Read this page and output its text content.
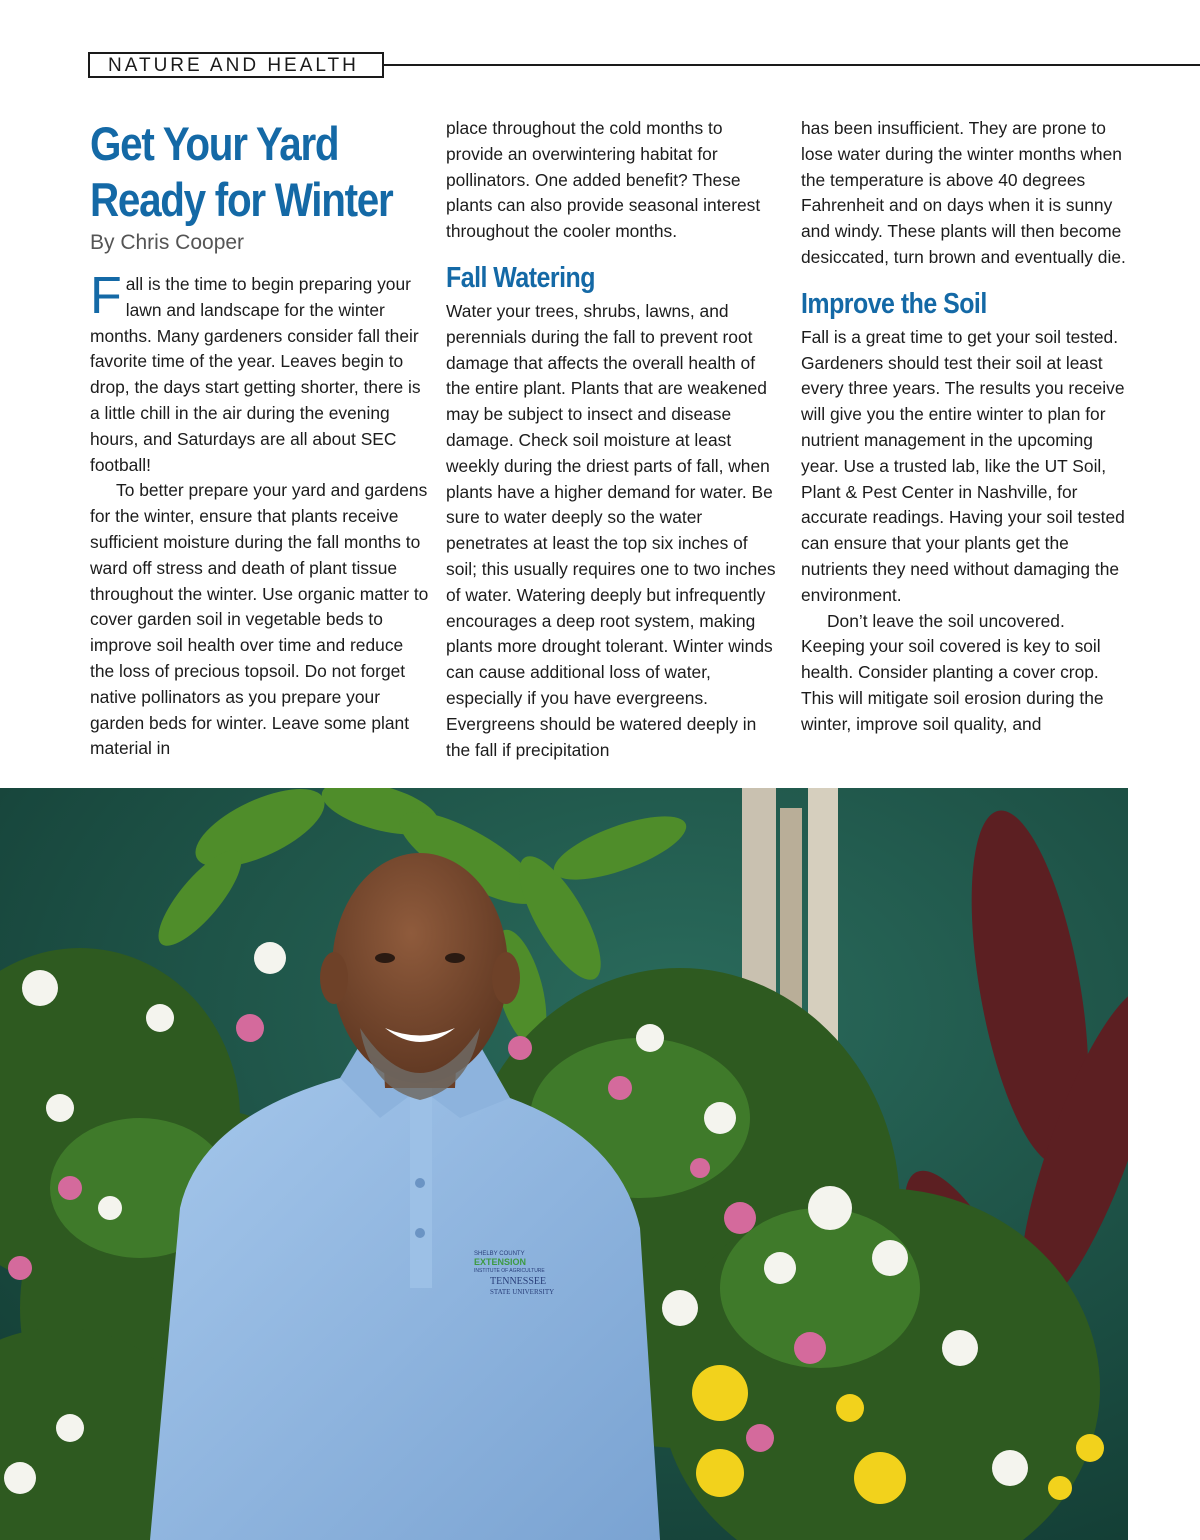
NATURE AND HEALTH
Get Your Yard Ready for Winter
By Chris Cooper

Fall is the time to begin preparing your lawn and landscape for the winter months. Many gardeners consider fall their favorite time of the year. Leaves begin to drop, the days start getting shorter, there is a little chill in the air during the evening hours, and Saturdays are all about SEC football!

To better prepare your yard and gardens for the winter, ensure that plants receive sufficient moisture during the fall months to ward off stress and death of plant tissue throughout the winter. Use organic matter to cover garden soil in vegetable beds to improve soil health over time and reduce the loss of precious topsoil. Do not forget native pollinators as you prepare your garden beds for winter. Leave some plant material in

place throughout the cold months to provide an overwintering habitat for pollinators. One added benefit? These plants can also provide seasonal interest throughout the cooler months.

Fall Watering

Water your trees, shrubs, lawns, and perennials during the fall to prevent root damage that affects the overall health of the entire plant. Plants that are weakened may be subject to insect and disease damage. Check soil moisture at least weekly during the driest parts of fall, when plants have a higher demand for water. Be sure to water deeply so the water penetrates at least the top six inches of soil; this usually requires one to two inches of water. Watering deeply but infrequently encourages a deep root system, making plants more drought tolerant. Winter winds can cause additional loss of water, especially if you have evergreens. Evergreens should be watered deeply in the fall if precipitation

has been insufficient. They are prone to lose water during the winter months when the temperature is above 40 degrees Fahrenheit and on days when it is sunny and windy. These plants will then become desiccated, turn brown and eventually die.

Improve the Soil

Fall is a great time to get your soil tested. Gardeners should test their soil at least every three years. The results you receive will give you the entire winter to plan for nutrient management in the upcoming year. Use a trusted lab, like the UT Soil, Plant & Pest Center in Nashville, for accurate readings. Having your soil tested can ensure that your plants get the nutrients they need without damaging the environment.

Don’t leave the soil uncovered. Keeping your soil covered is key to soil health. Consider planting a cover crop. This will mitigate soil erosion during the winter, improve soil quality, and

SHELBY COUNTY
EXTENSION
INSTITUTE OF AGRICULTURE
TENNESSEE
STATE UNIVERSITY
